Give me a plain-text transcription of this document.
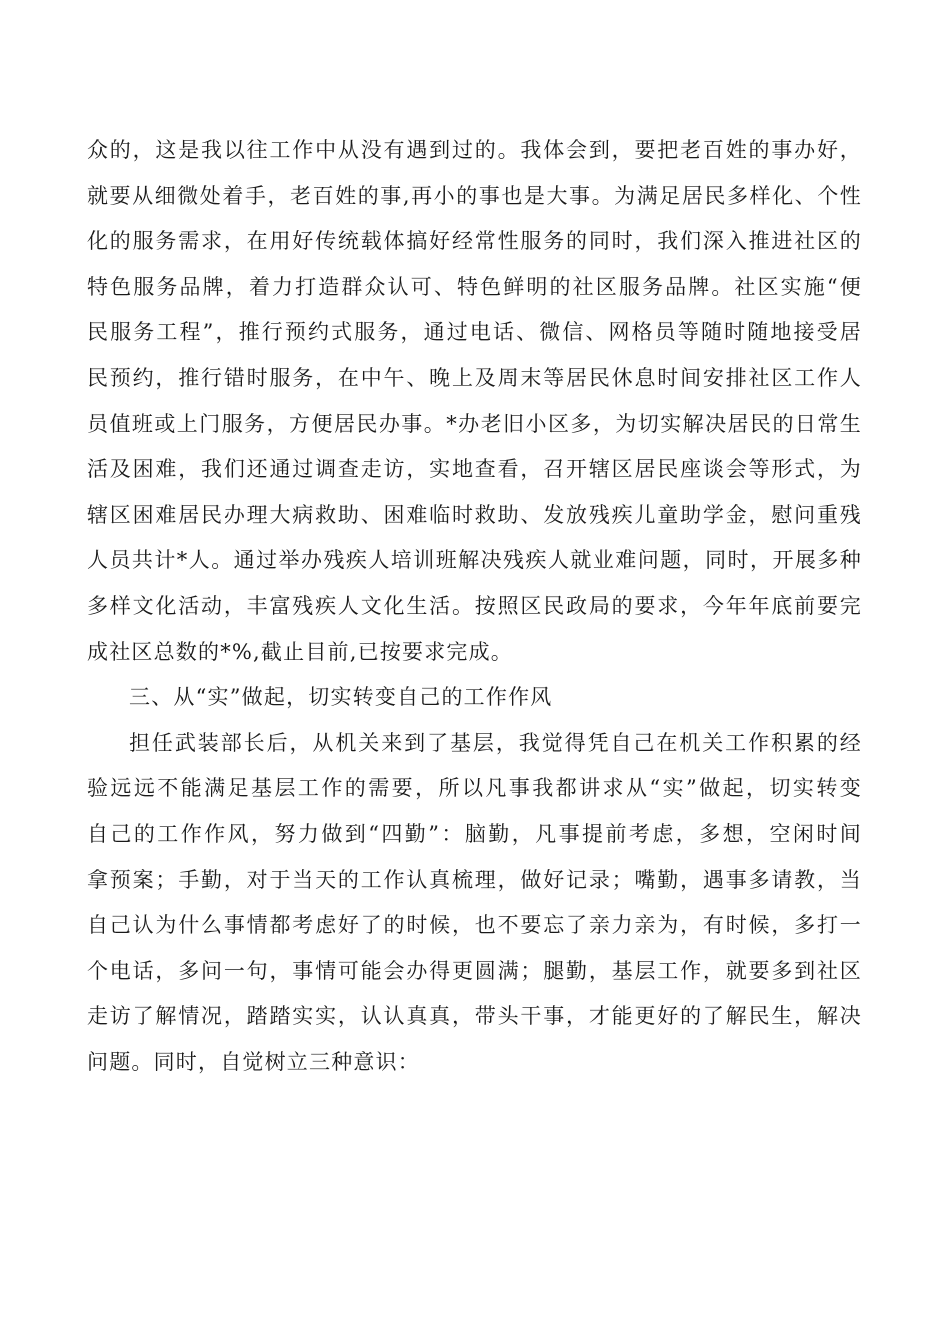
众的，这是我以往工作中从没有遇到过的。我体会到，要把老百姓的事办好，
就要从细微处着手，老百姓的事,再小的事也是大事。为满足居民多样化、个性
化的服务需求，在用好传统载体搞好经常性服务的同时，我们深入推进社区的
特色服务品牌，着力打造群众认可、特色鲜明的社区服务品牌。社区实施“便
民服务工程”，推行预约式服务，通过电话、微信、网格员等随时随地接受居
民预约，推行错时服务，在中午、晚上及周末等居民休息时间安排社区工作人
员值班或上门服务，方便居民办事。*办老旧小区多，为切实解决居民的日常生
活及困难，我们还通过调查走访，实地查看，召开辖区居民座谈会等形式，为
辖区困难居民办理大病救助、困难临时救助、发放残疾儿童助学金，慰问重残
人员共计*人。通过举办残疾人培训班解决残疾人就业难问题，同时，开展多种
多样文化活动，丰富残疾人文化生活。按照区民政局的要求，今年年底前要完
成社区总数的*%,截止目前,已按要求完成。
三、从“实”做起，切实转变自己的工作作风
担任武装部长后，从机关来到了基层，我觉得凭自己在机关工作积累的经
验远远不能满足基层工作的需要，所以凡事我都讲求从“实”做起，切实转变
自己的工作作风，努力做到“四勤”：脑勤，凡事提前考虑，多想，空闲时间
拿预案；手勤，对于当天的工作认真梳理，做好记录；嘴勤，遇事多请教，当
自己认为什么事情都考虑好了的时候，也不要忘了亲力亲为，有时候，多打一
个电话，多问一句，事情可能会办得更圆满；腿勤，基层工作，就要多到社区
走访了解情况，踏踏实实，认认真真，带头干事，才能更好的了解民生，解决
问题。同时，自觉树立三种意识：
